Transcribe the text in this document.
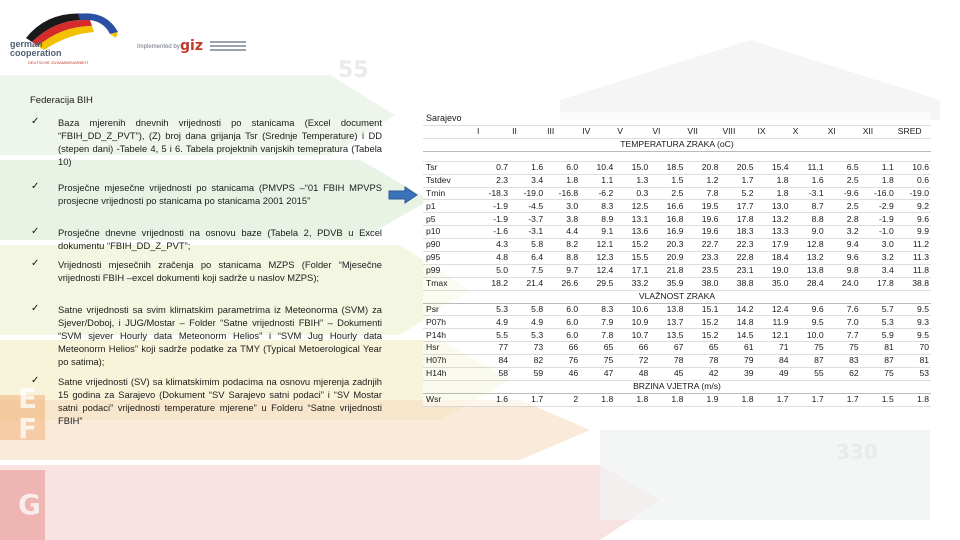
55
330
E
F
G
german
cooperation
DEUTSCHE ZUSAMMENARBEIT
Implemented by giz
Federacija BIH
✓ Baza mjerenih dnevnih vrijednosti po stanicama (Excel document “FBIH_DD_Z_PVT”), (Z) broj dana grijanja Tsr (Srednje Temperature) i DD (stepen dani) -Tabele 4, 5 i 6. Tabela projektnih vanjskih temepratura (Tabela 10)
✓ Prosječne mjesečne vrijednosti po stanicama (PMVPS –“01 FBIH MPVPS prosjecne vrijednosti po stanicama po stanicama 2001 2015”
✓ Prosječne dnevne vrijednosti na osnovu baze (Tabela 2, PDVB u Excel dokumentu “FBIH_DD_Z_PVT”;
✓ Vrijednosti mjesečnih zračenja po stanicama MZPS (Folder “Mjesečne vrijednosti FBIH –excel dokumenti koji sadrže u naslov MZPS);
✓ Satne vrijednosti sa svim klimatskim parametrima iz Meteonorma (SVM) za Sjever/Doboj, i JUG/Mostar – Folder “Satne vrijednosti FBIH” – Dokumenti “SVM sjever Hourly data Meteonorm Helios” i “SVM Jug Hourly data Meteonorm Helios” koji sadrže podatke za TMY (Typical Metoerological Year po satima);
✓ Satne vrijednosti (SV) sa klimatskimim podacima na osnovu mjerenja zadnjih 15 godina za Sarajevo (Dokument “SV Sarajevo satni podaci” i “SV Mostar satni podaci” vrijednosti temperature mjerene” u Folderu “Satne vrijednosti FBIH”
Sarajevo													
	I	II	III	IV	V	VI	VII	VIII	IX	X	XI	XII	SRED
TEMPERATURA ZRAKA (oC)													

Tsr	0.7	1.6	6.0	10.4	15.0	18.5	20.8	20.5	15.4	11.1	6.5	1.1	10.6
Tstdev	2.3	3.4	1.8	1.1	1.3	1.5	1.2	1.7	1.8	1.6	2.5	1.8	0.6
Tmin	-18.3	-19.0	-16.8	-6.2	0.3	2.5	7.8	5.2	1.8	-3.1	-9.6	-16.0	-19.0
p1	-1.9	-4.5	3.0	8.3	12.5	16.6	19.5	17.7	13.0	8.7	2.5	-2.9	9.2
p5	-1.9	-3.7	3.8	8.9	13.1	16.8	19.6	17.8	13.2	8.8	2.8	-1.9	9.6
p10	-1.6	-3.1	4.4	9.1	13.6	16.9	19.6	18.3	13.3	9.0	3.2	-1.0	9.9
p90	4.3	5.8	8.2	12.1	15.2	20.3	22.7	22.3	17.9	12.8	9.4	3.0	11.2
p95	4.8	6.4	8.8	12.3	15.5	20.9	23.3	22.8	18.4	13.2	9.6	3.2	11.3
p99	5.0	7.5	9.7	12.4	17.1	21.8	23.5	23.1	19.0	13.8	9.8	3.4	11.8
Tmax	18.2	21.4	26.6	29.5	33.2	35.9	38.0	38.8	35.0	28.4	24.0	17.8	38.8
VLAŽNOST ZRAKA													
Psr	5.3	5.8	6.0	8.3	10.6	13.8	15.1	14.2	12.4	9.6	7.6	5.7	9.5
P07h	4.9	4.9	6.0	7.9	10.9	13.7	15.2	14.8	11.9	9.5	7.0	5.3	9.3
P14h	5.5	5.3	6.0	7.8	10.7	13.5	15.2	14.5	12.1	10.0	7.7	5.9	9.5
Hsr	77	73	66	65	66	67	65	61	71	75	75	81	70
H07h	84	82	76	75	72	78	78	79	84	87	83	87	81
H14h	58	59	46	47	48	45	42	39	49	55	62	75	53
BRZINA VJETRA (m/s)													
Wsr	1.6	1.7	2	1.8	1.8	1.8	1.9	1.8	1.7	1.7	1.7	1.5	1.8
